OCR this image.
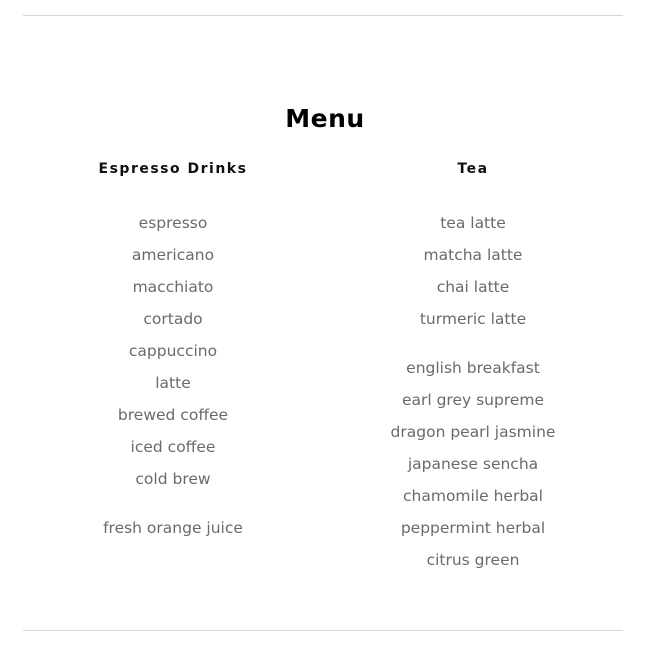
Menu
Espresso Drinks
espresso
americano
macchiato
cortado
cappuccino
latte
brewed coffee
iced coffee
cold brew
fresh orange juice
Tea
tea latte
matcha latte
chai latte
turmeric latte
english breakfast
earl grey supreme
dragon pearl jasmine
japanese sencha
chamomile herbal
peppermint herbal
citrus green
